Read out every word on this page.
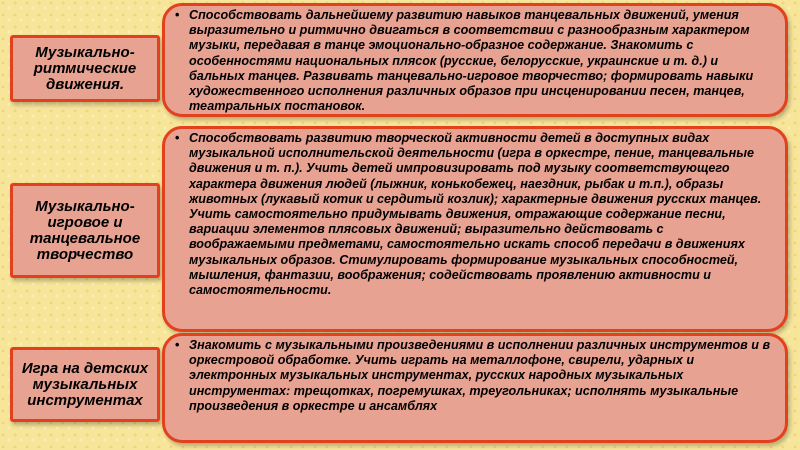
Музыкально-ритмические движения.

• Способствовать дальнейшему развитию навыков танцевальных движений, умения выразительно и ритмично двигаться в соответствии с разнообразным характером музыки, передавая в танце эмоционально-образное содержание. Знакомить с особенностями национальных плясок (русские, белорусские, украинские и т. д.) и бальных танцев. Развивать танцевально-игровое творчество; формировать навыки художественного исполнения различных образов при инсценировании песен, танцев, театральных постановок.

Музыкально-игровое и танцевальное творчество

• Способствовать развитию творческой активности детей в доступных видах музыкальной исполнительской деятельности (игра в оркестре, пение, танцевальные движения и т. п.). Учить детей импровизировать под музыку соответствующего характера движения людей (лыжник, конькобежец, наездник, рыбак и т.п.), образы животных (лукавый котик и сердитый козлик); характерные движения русских танцев. Учить самостоятельно придумывать движения, отражающие содержание песни, вариации элементов плясовых движений; выразительно действовать с воображаемыми предметами, самостоятельно искать способ передачи в движениях музыкальных образов. Стимулировать формирование музыкальных способностей, мышления, фантазии, воображения; содействовать проявлению активности и самостоятельности.

Игра на детских музыкальных инструментах

• Знакомить с музыкальными произведениями в исполнении различных инструментов и в оркестровой обработке. Учить играть на металлофоне, свирели, ударных и электронных музыкальных инструментах, русских народных музыкальных инструментах: трещотках, погремушках, треугольниках; исполнять музыкальные произведения в оркестре и ансамблях
